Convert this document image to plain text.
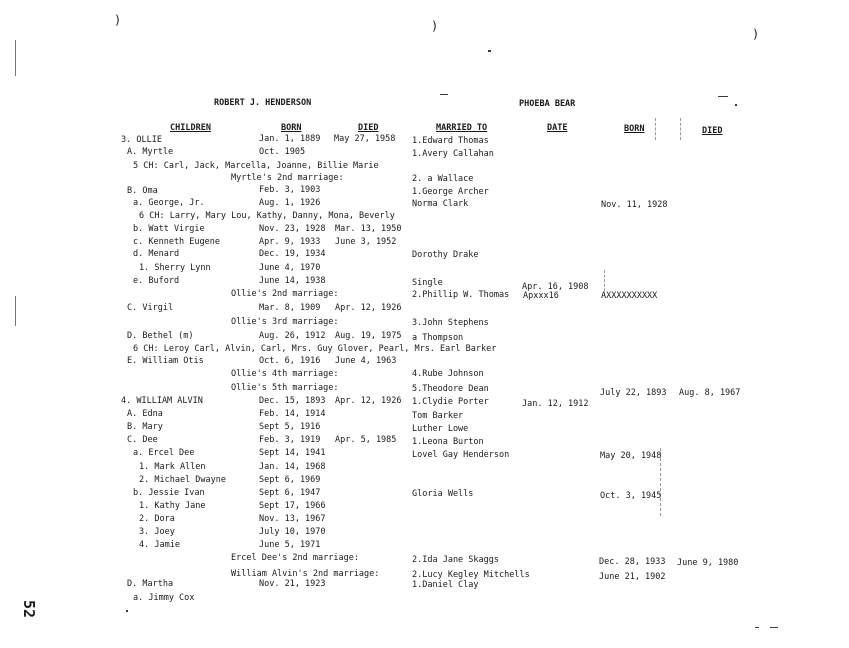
)	)
)
ROBERT J. HENDERSON	PHOEBA BEAR
CHILDREN	BORN	DIED	MARRIED TO	DATE	BORN	DIED
3. OLLIE	Jan. 1, 1889 May 27, 1958 1.Edward Thomas
A. Myrtle	Oct. 1905	1.Avery Callahan
5 CH: Carl, Jack, Marcella, Joanne, Billie Marie
Myrtle's 2nd marriage:	2. a Wallace
B. Oma	Feb. 3, 1903	1.George Archer
a. George, Jr.	Aug. 1, 1926	Norma Clark	Nov. 11, 1928
6 CH: Larry, Mary Lou, Kathy, Danny, Mona, Beverly
b. Watt Virgie	Nov. 23, 1928 Mar. 13, 1950
c. Kenneth Eugene	Apr. 9, 1933 June 3, 1952
d. Menard	Dec. 19, 1934	Dorothy Drake
1. Sherry Lynn	June 4, 1970
e. Buford	June 14, 1938	Single	Apr. 16, 1908
Ollie's 2nd marriage:	2.Phillip W. Thomas Apxxx16	AXXXXXXXXXX
C. Virgil	Mar. 8, 1909 Apr. 12, 1926
Ollie's 3rd marriage:	3.John Stephens
D. Bethel (m)	Aug. 26, 1912 Aug. 19, 1975 a Thompson
6 CH: Leroy Carl, Alvin, Carl, Mrs. Guy Glover, Pearl, Mrs. Earl Barker
E. William Otis	Oct. 6, 1916 June 4, 1963
Ollie's 4th marriage:	4.Rube Johnson
Ollie's 5th marriage:	5.Theodore Dean	July 22, 1893 Aug. 8, 1967
4. WILLIAM ALVIN	Dec. 15, 1893 Apr. 12, 1926 1.Clydie Porter	Jan. 12, 1912
A. Edna	Feb. 14, 1914	Tom Barker
B. Mary	Sept 5, 1916	Luther Lowe
C. Dee	Feb. 3, 1919 Apr. 5, 1985 1.Leona Burton
a. Ercel Dee	Sept 14, 1941	Lovel Gay Henderson	May 20, 1948
1. Mark Allen	Jan. 14, 1968
2. Michael Dwayne	Sept 6, 1969
b. Jessie Ivan	Sept 6, 1947	Gloria Wells	Oct. 3, 1945
1. Kathy Jane	Sept 17, 1966
2. Dora	Nov. 13, 1967
3. Joey	July 10, 1970
4. Jamie	June 5, 1971
Ercel Dee's 2nd marriage:	2.Ida Jane Skaggs	Dec. 28, 1933 June 9, 1980
William Alvin's 2nd marriage:	2.Lucy Kegley Mitchells	June 21, 1902
D. Martha	Nov. 21, 1923	1.Daniel Clay
a. Jimmy Cox
52
